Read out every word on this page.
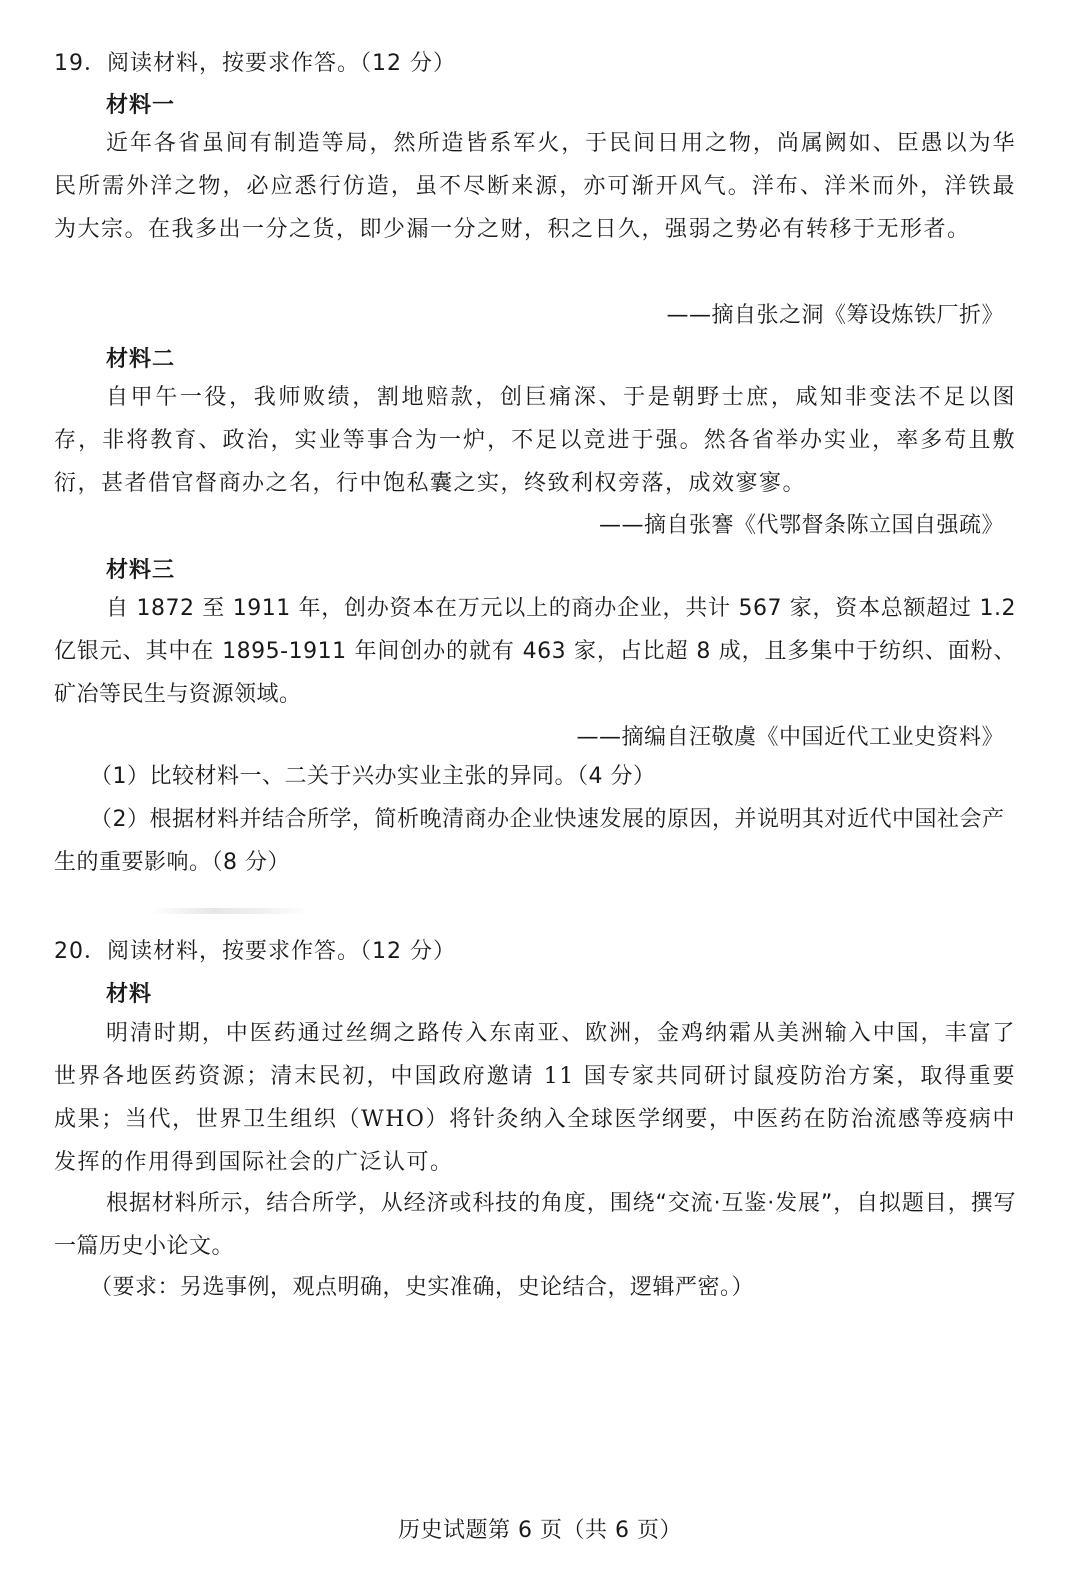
19．阅读材料，按要求作答。（12 分）
材料一
近年各省虽间有制造等局，然所造皆系军火，于民间日用之物，尚属阙如、臣愚以为华民所需外洋之物，必应悉行仿造，虽不尽断来源，亦可渐开风气。洋布、洋米而外，洋铁最为大宗。在我多出一分之货，即少漏一分之财，积之日久，强弱之势必有转移于无形者。
——摘自张之洞《筹设炼铁厂折》
材料二
自甲午一役，我师败绩，割地赔款，创巨痛深、于是朝野士庶，咸知非变法不足以图存，非将教育、政治，实业等事合为一炉，不足以竞进于强。然各省举办实业，率多苟且敷衍，甚者借官督商办之名，行中饱私囊之实，终致利权旁落，成效寥寥。
——摘自张謇《代鄂督条陈立国自强疏》
材料三
自 1872 至 1911 年，创办资本在万元以上的商办企业，共计 567 家，资本总额超过 1.2 亿银元、其中在 1895-1911 年间创办的就有 463 家，占比超 8 成，且多集中于纺织、面粉、矿冶等民生与资源领域。
——摘编自汪敬虞《中国近代工业史资料》
（1）比较材料一、二关于兴办实业主张的异同。（4 分）
（2）根据材料并结合所学，简析晚清商办企业快速发展的原因，并说明其对近代中国社会产生的重要影响。（8 分）
20．阅读材料，按要求作答。（12 分）
材料
明清时期，中医药通过丝绸之路传入东南亚、欧洲，金鸡纳霜从美洲输入中国，丰富了世界各地医药资源；清末民初，中国政府邀请 11 国专家共同研讨鼠疫防治方案，取得重要成果；当代，世界卫生组织（WHO）将针灸纳入全球医学纲要，中医药在防治流感等疫病中发挥的作用得到国际社会的广泛认可。
根据材料所示，结合所学，从经济或科技的角度，围绕“交流·互鉴·发展”，自拟题目，撰写一篇历史小论文。
（要求：另选事例，观点明确，史实准确，史论结合，逻辑严密。）
历史试题第 6 页（共 6 页）
